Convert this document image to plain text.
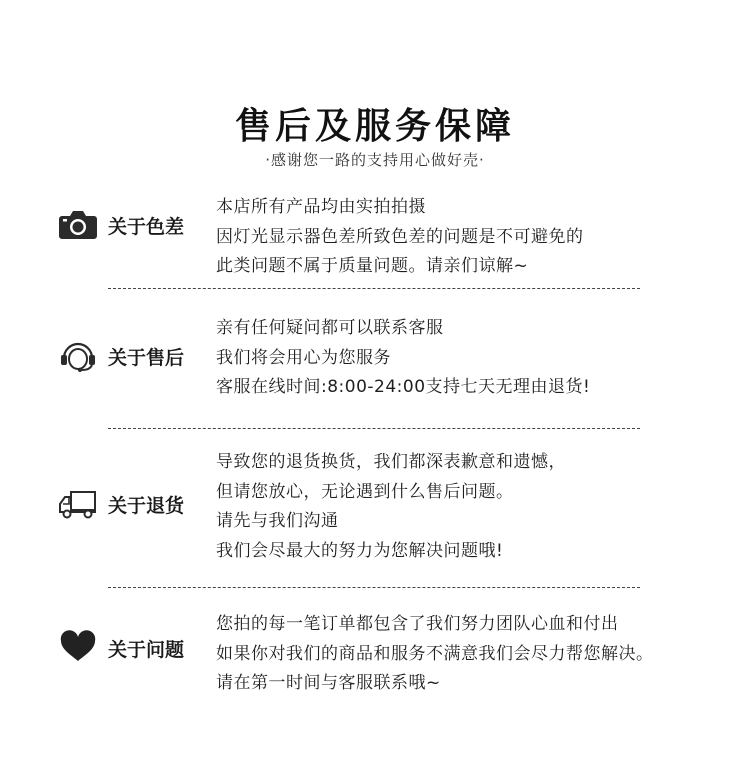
售后及服务保障
·感谢您一路的支持用心做好売·
关于色差
本店所有产品均由实拍拍摄
因灯光显示器色差所致色差的问题是不可避免的
此类问题不属于质量问题。请亲们谅解~
关于售后
亲有任何疑问都可以联系客服
我们将会用心为您服务
客服在线时间:8:00-24:00支持七天无理由退货!
关于退货
导致您的退货换货，我们都深表歉意和遗憾，
但请您放心，无论遇到什么售后问题。
请先与我们沟通
我们会尽最大的努力为您解决问题哦!
关于问题
您拍的每一笔订单都包含了我们努力团队心血和付出
如果你对我们的商品和服务不满意我们会尽力帮您解决。
请在第一时间与客服联系哦~
